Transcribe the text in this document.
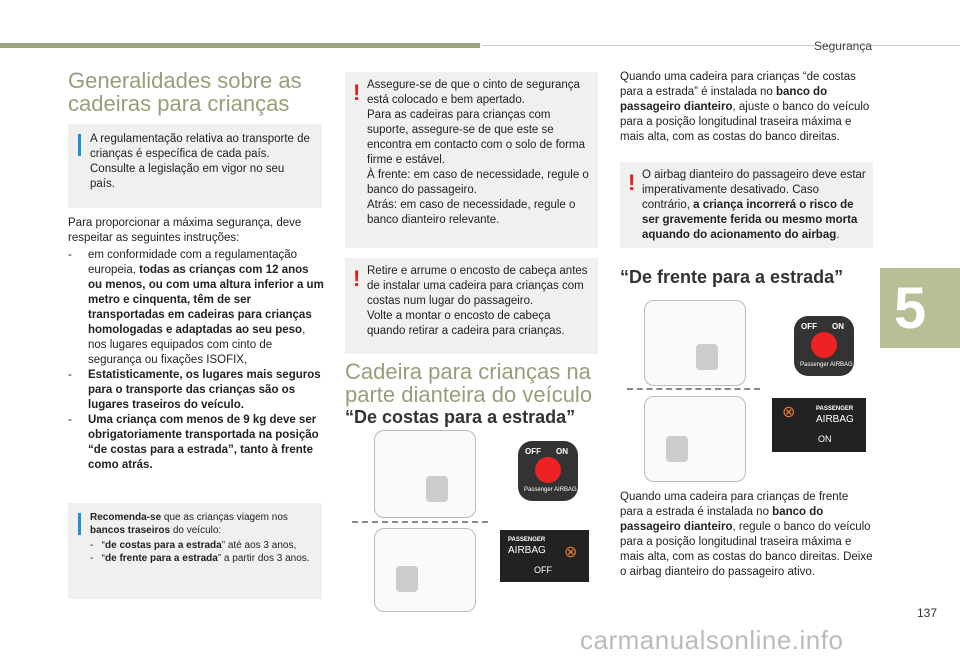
Segurança
5
137
carmanualsonline.info
Generalidades sobre as cadeiras para crianças
A regulamentação relativa ao transporte de crianças é específica de cada país. Consulte a legislação em vigor no seu país.
Para proporcionar a máxima segurança, deve respeitar as seguintes instruções:
-	em conformidade com a regulamentação europeia, todas as crianças com 12 anos ou menos, ou com uma altura inferior a um metro e cinquenta, têm de ser transportadas em cadeiras para crianças homologadas e adaptadas ao seu peso, nos lugares equipados com cinto de segurança ou fixações ISOFIX,
-	Estatisticamente, os lugares mais seguros para o transporte das crianças são os lugares traseiros do veículo.
-	Uma criança com menos de 9 kg deve ser obrigatoriamente transportada na posição “de costas para a estrada”, tanto à frente como atrás.
Recomenda-se que as crianças viagem nos bancos traseiros do veículo:
-   “de costas para a estrada” até aos 3 anos,
-   “de frente para a estrada” a partir dos 3 anos.
! Assegure-se de que o cinto de segurança está colocado e bem apertado.
Para as cadeiras para crianças com suporte, assegure-se de que este se encontra em contacto com o solo de forma firme e estável.
À frente: em caso de necessidade, regule o banco do passageiro.
Atrás: em caso de necessidade, regule o banco dianteiro relevante.
! Retire e arrume o encosto de cabeça antes de instalar uma cadeira para crianças com costas num lugar do passageiro.
Volte a montar o encosto de cabeça quando retirar a cadeira para crianças.
Cadeira para crianças na parte dianteira do veículo
“De costas para a estrada”
OFF ON
Passenger AIRBAG
PASSENGER
AIRBAG
OFF
⊗
Quando uma cadeira para crianças “de costas para a estrada” é instalada no banco do passageiro dianteiro, ajuste o banco do veículo para a posição longitudinal traseira máxima e mais alta, com as costas do banco direitas.
! O airbag dianteiro do passageiro deve estar imperativamente desativado. Caso contrário, a criança incorrerá o risco de ser gravemente ferida ou mesmo morta aquando do acionamento do airbag.
“De frente para a estrada”
OFF ON
Passenger AIRBAG
⊗	PASSENGER
AIRBAG
ON
Quando uma cadeira para crianças de frente para a estrada é instalada no banco do passageiro dianteiro, regule o banco do veículo para a posição longitudinal traseira máxima e mais alta, com as costas do banco direitas. Deixe o airbag dianteiro do passageiro ativo.
